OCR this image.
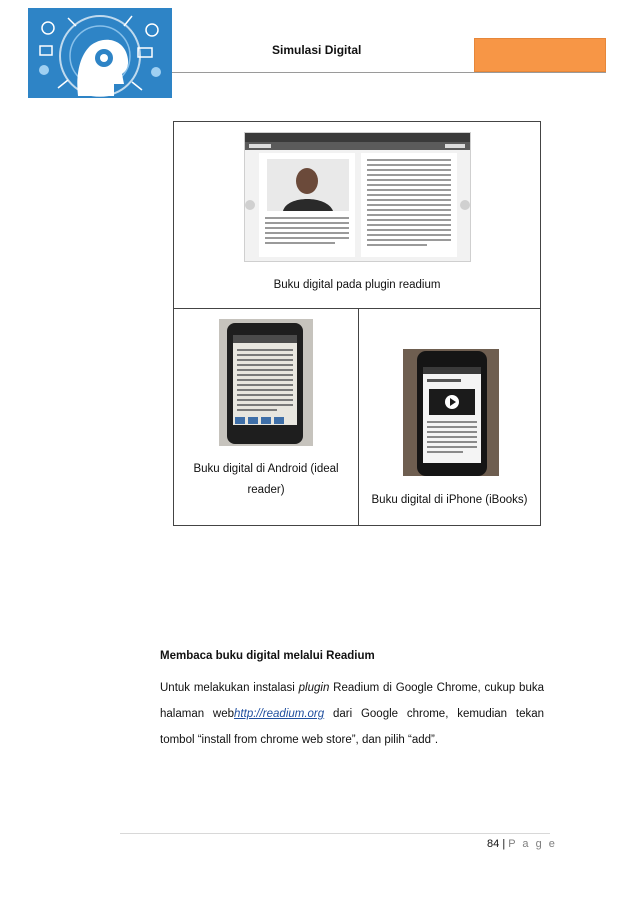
Simulasi Digital
Buku digital pada plugin readium

Buku digital di Android (ideal reader)

Buku digital di iPhone (iBooks)
Membaca buku digital melalui Readium
Untuk melakukan instalasi plugin Readium di Google Chrome, cukup buka halaman webhttp://readium.org dari Google chrome, kemudian tekan tombol “install from chrome web store”, dan pilih “add”.
84 | P a g e
